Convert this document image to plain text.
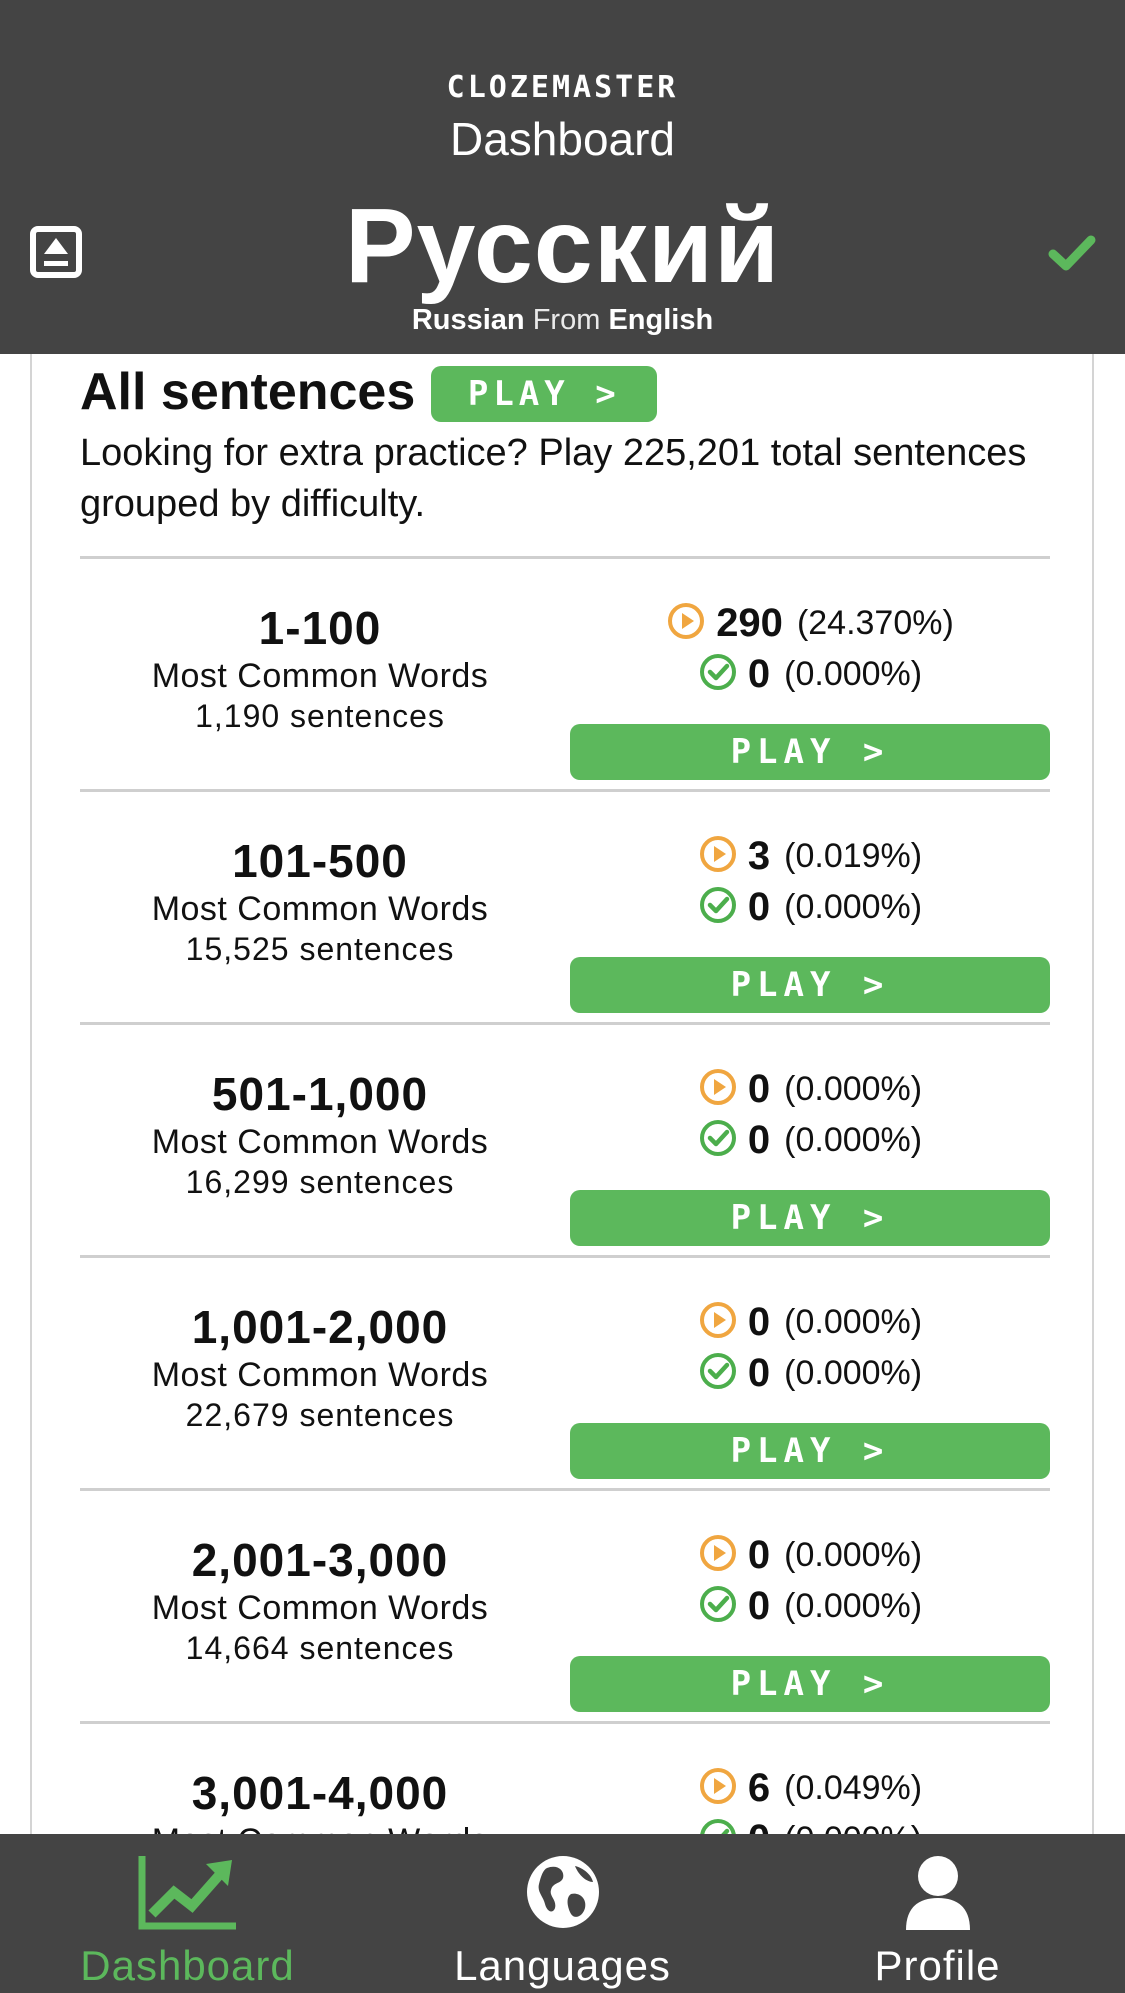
CLOZEMASTER
Dashboard
Русский
Russian From English
All sentences	PLAY >
Looking for extra practice? Play 225,201 total sentences grouped by difficulty.
1-100
Most Common Words
1,190 sentences
290 (24.370%)
0 (0.000%)
PLAY >
101-500
Most Common Words
15,525 sentences
3 (0.019%)
0 (0.000%)
PLAY >
501-1,000
Most Common Words
16,299 sentences
0 (0.000%)
0 (0.000%)
PLAY >
1,001-2,000
Most Common Words
22,679 sentences
0 (0.000%)
0 (0.000%)
PLAY >
2,001-3,000
Most Common Words
14,664 sentences
0 (0.000%)
0 (0.000%)
PLAY >
3,001-4,000	6 (0.049%)
Dashboard	Languages	Profile
